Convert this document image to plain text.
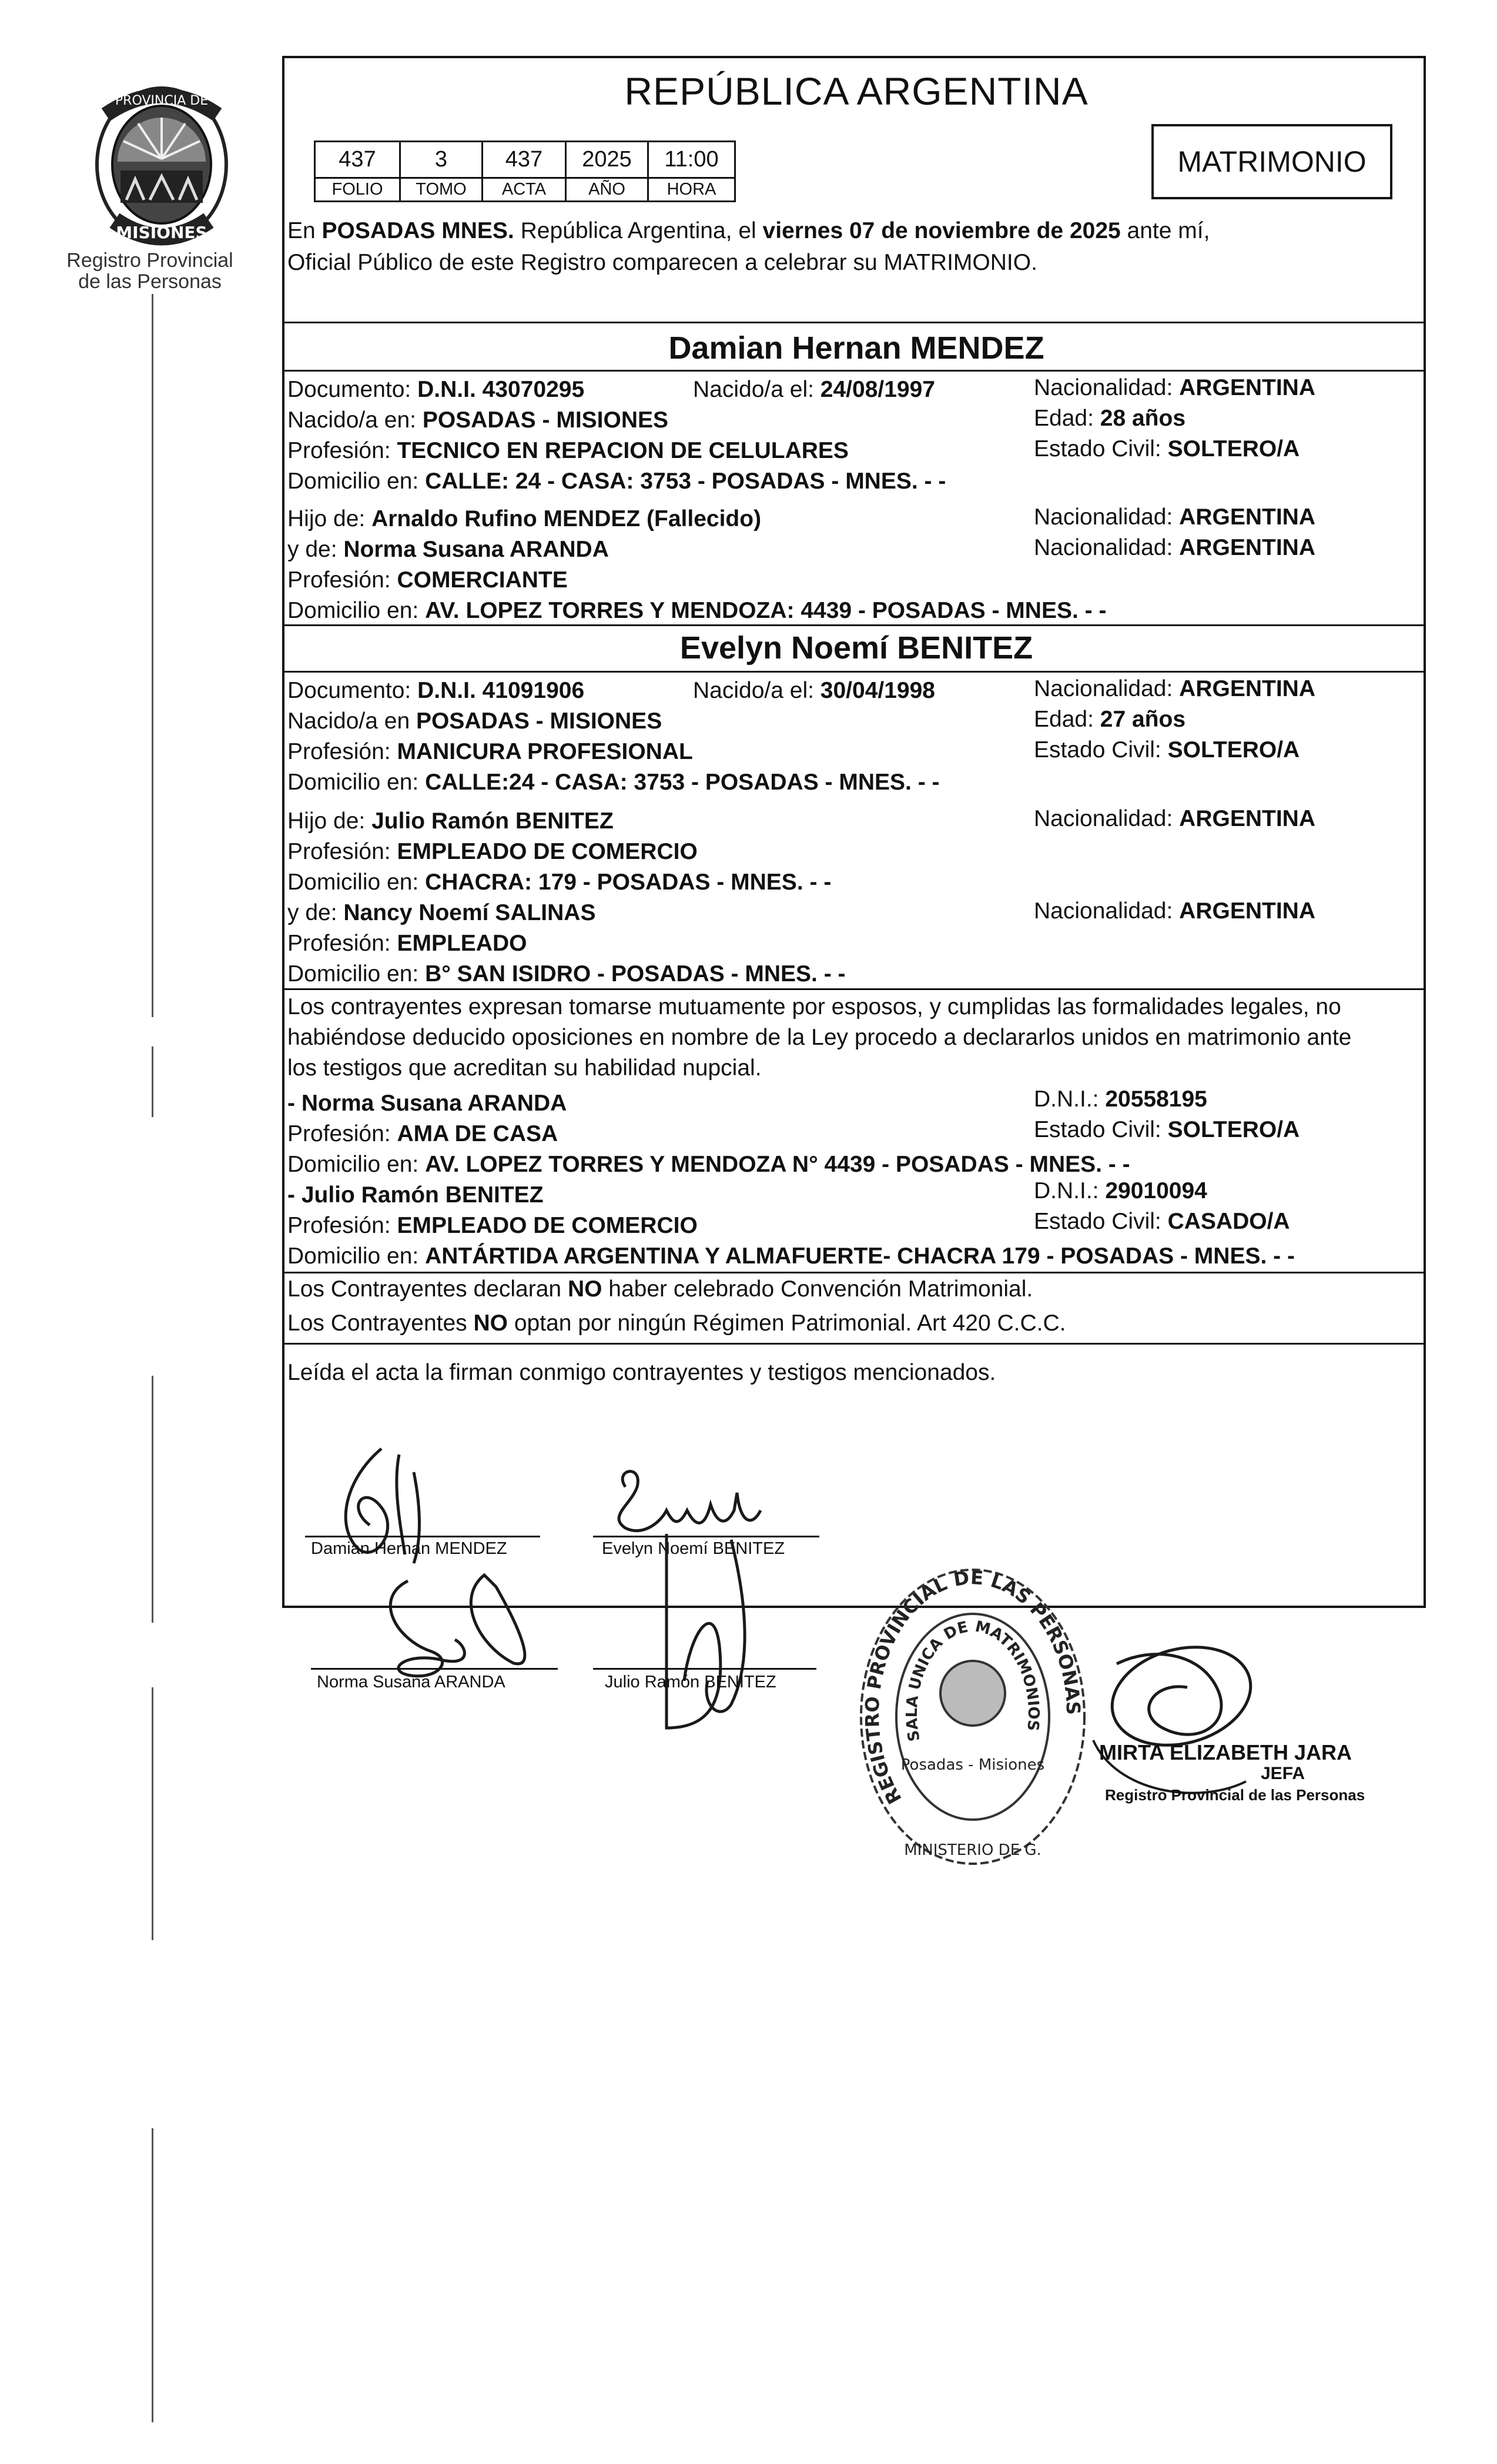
PROVINCIA DE
MISIONES
Registro Provincial
de las Personas
REPÚBLICA ARGENTINA
437	3	437	2025	11:00
FOLIO	TOMO	ACTA	AÑO	HORA
MATRIMONIO
En POSADAS MNES. República Argentina, el viernes 07 de noviembre de 2025 ante mí,
Oficial Público de este Registro comparecen a celebrar su MATRIMONIO.
Damian Hernan MENDEZ
Documento: D.N.I. 43070295	Nacido/a el: 24/08/1997	Nacionalidad: ARGENTINA
Nacido/a en: POSADAS - MISIONES	Edad: 28 años
Profesión: TECNICO EN REPACION DE CELULARES	Estado Civil: SOLTERO/A
Domicilio en: CALLE: 24 - CASA: 3753 - POSADAS - MNES. - -
Hijo de: Arnaldo Rufino MENDEZ (Fallecido)	Nacionalidad: ARGENTINA
y de: Norma Susana ARANDA	Nacionalidad: ARGENTINA
Profesión: COMERCIANTE
Domicilio en: AV. LOPEZ TORRES Y MENDOZA: 4439 - POSADAS - MNES. - -
Evelyn Noemí BENITEZ
Documento: D.N.I. 41091906	Nacido/a el: 30/04/1998	Nacionalidad: ARGENTINA
Nacido/a en POSADAS - MISIONES	Edad: 27 años
Profesión: MANICURA PROFESIONAL	Estado Civil: SOLTERO/A
Domicilio en: CALLE:24 - CASA: 3753 - POSADAS - MNES. - -
Hijo de: Julio Ramón BENITEZ	Nacionalidad: ARGENTINA
Profesión: EMPLEADO DE COMERCIO
Domicilio en: CHACRA: 179 - POSADAS - MNES. - -
y de: Nancy Noemí SALINAS	Nacionalidad: ARGENTINA
Profesión: EMPLEADO
Domicilio en: B° SAN ISIDRO - POSADAS - MNES. - -
Los contrayentes expresan tomarse mutuamente por esposos, y cumplidas las formalidades legales, no
habiéndose deducido oposiciones en nombre de la Ley procedo a declararlos unidos en matrimonio ante
los testigos que acreditan su habilidad nupcial.
- Norma Susana ARANDA	D.N.I.: 20558195
Profesión: AMA DE CASA	Estado Civil: SOLTERO/A
Domicilio en: AV. LOPEZ TORRES Y MENDOZA N° 4439 - POSADAS - MNES. - -
- Julio Ramón BENITEZ	D.N.I.: 29010094
Profesión: EMPLEADO DE COMERCIO	Estado Civil: CASADO/A
Domicilio en: ANTÁRTIDA ARGENTINA Y ALMAFUERTE- CHACRA 179 - POSADAS - MNES. - -
Los Contrayentes declaran NO haber celebrado Convención Matrimonial.
Los Contrayentes NO optan por ningún Régimen Patrimonial. Art 420 C.C.C.
Leída el acta la firman conmigo contrayentes y testigos mencionados.
Damian Hernan MENDEZ	Evelyn Noemí BENITEZ
Norma Susana ARANDA	Julio Ramón BENITEZ
REGISTRO PROVINCIAL DE LAS PERSONAS
SALA UNICA DE MATRIMONIOS
Posadas - Misiones
MINISTERIO DE G.
MIRTA ELIZABETH JARA
JEFA
Registro Provincial de las Personas
